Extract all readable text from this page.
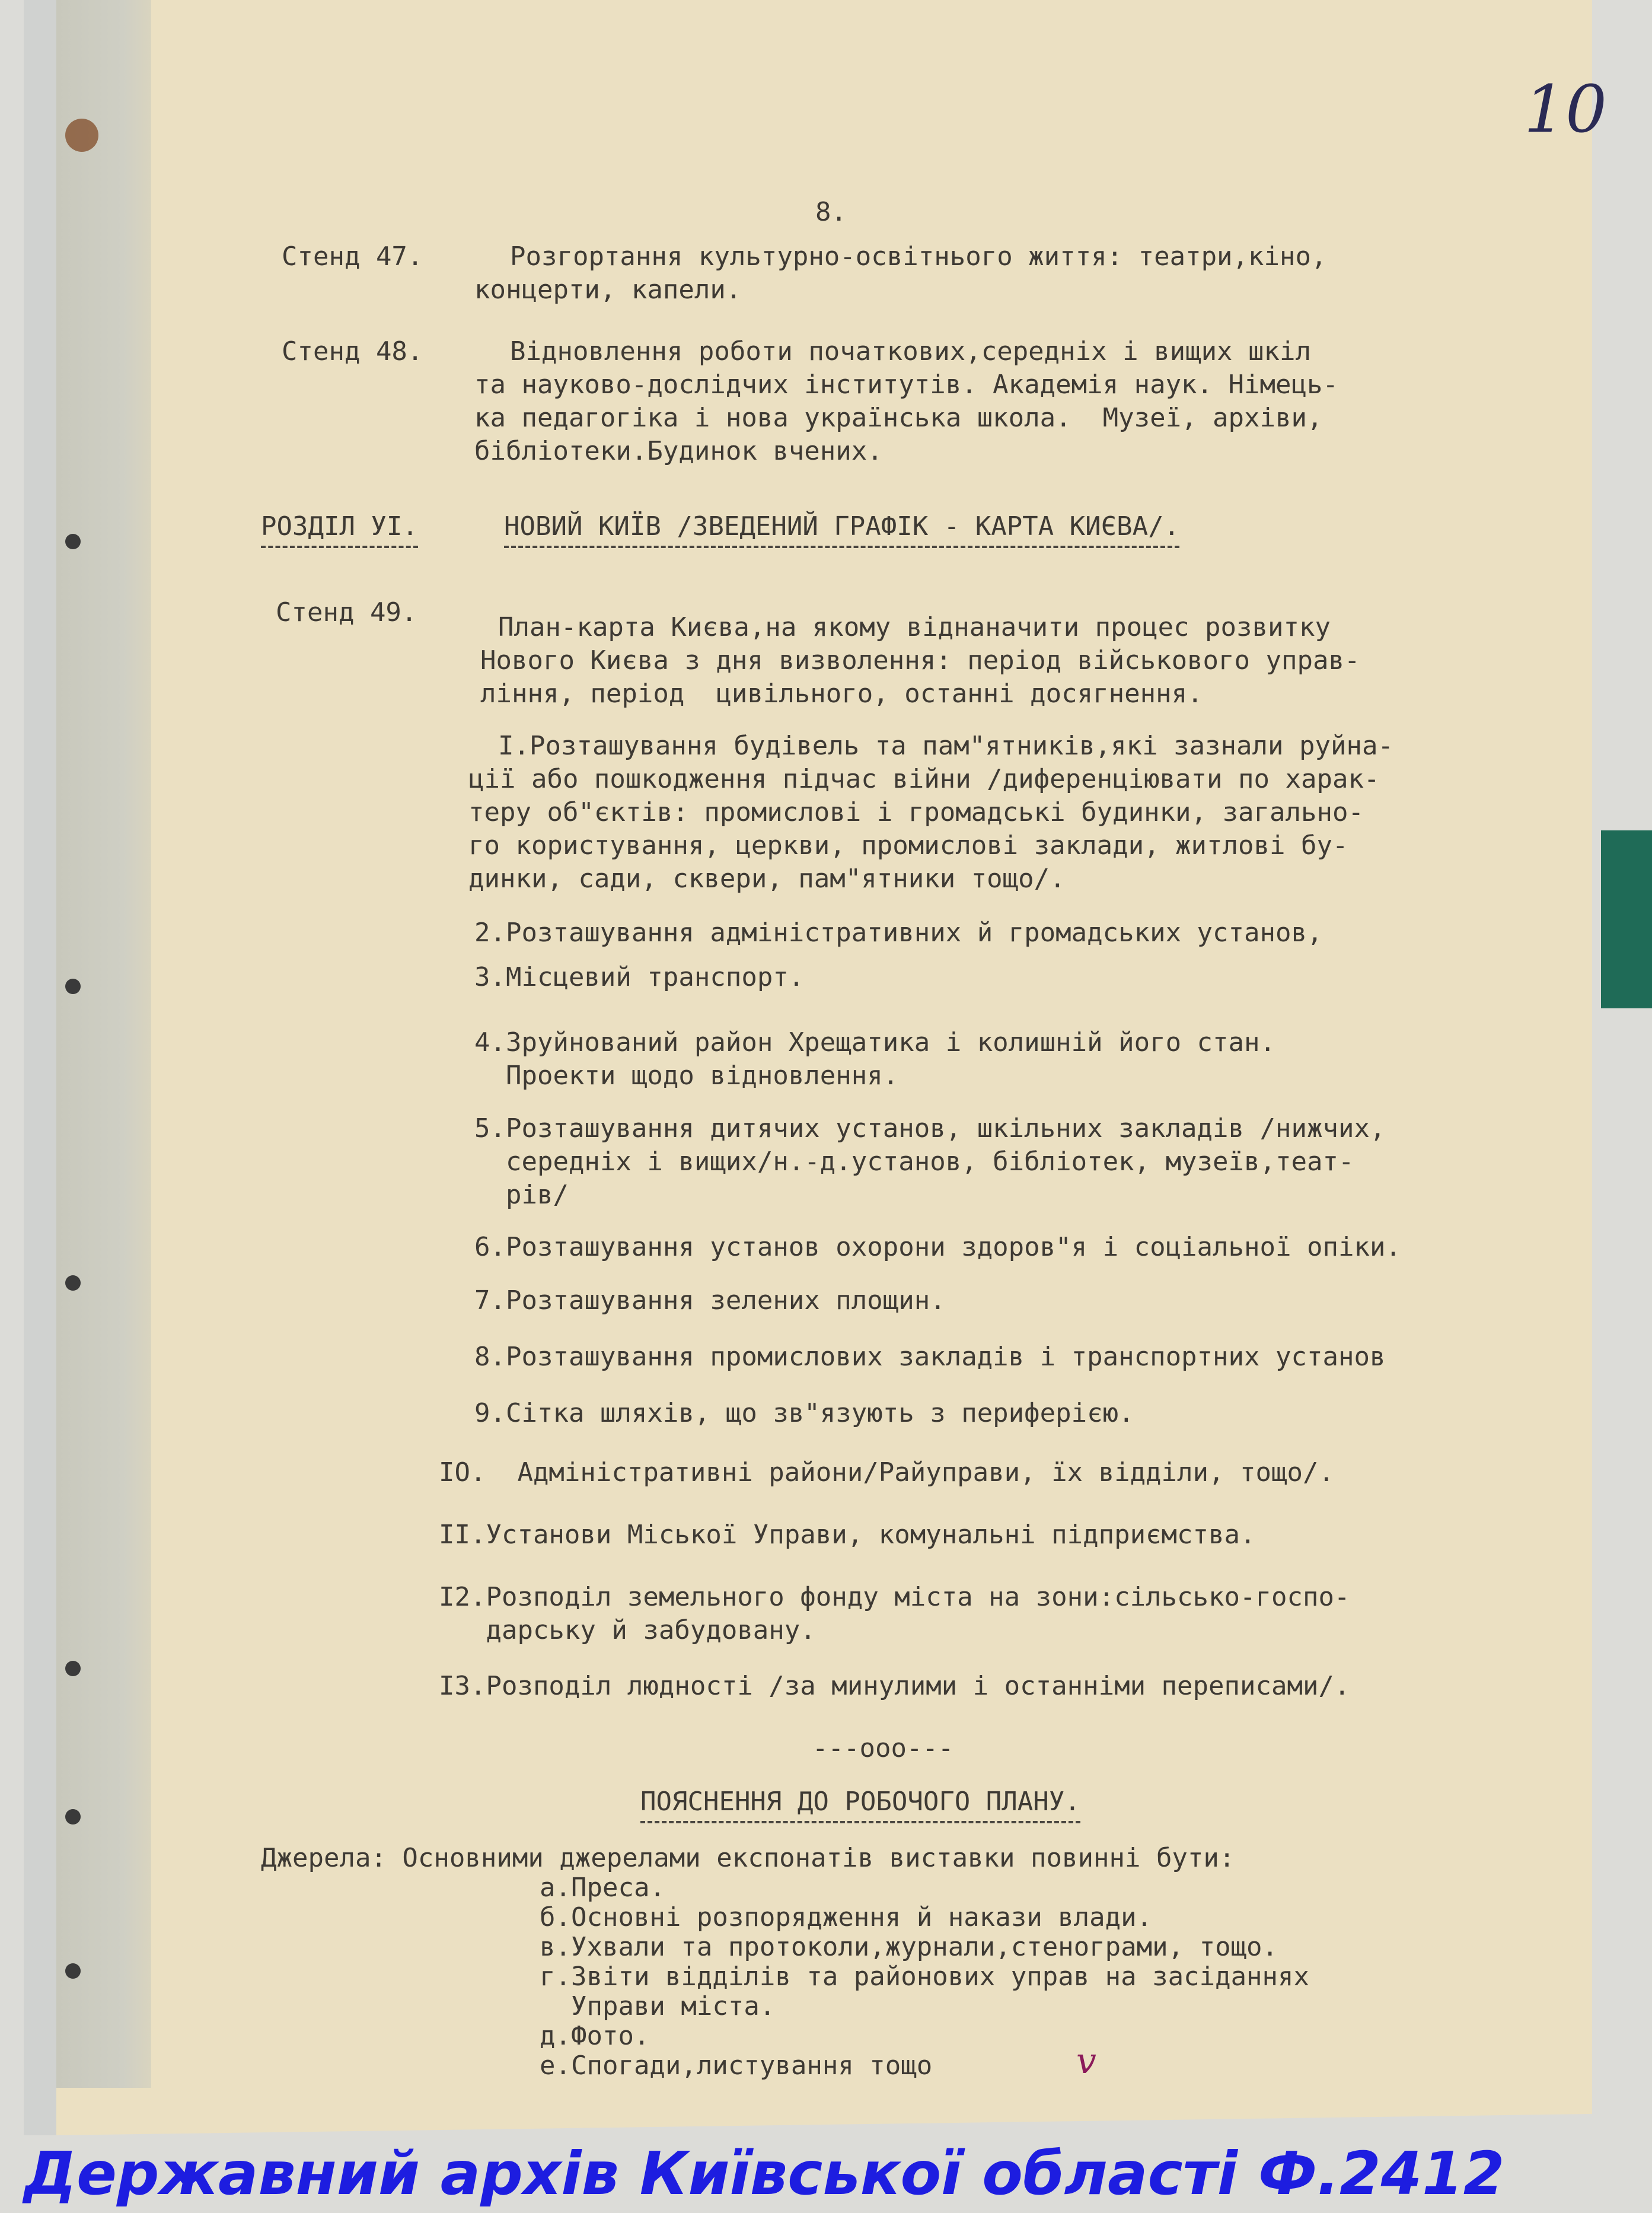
10
8.
Стенд 47.	Розгортання культурно-освітнього життя: театри,кіно,
концерти, капели.
Стенд 48.	Відновлення роботи початкових,середніх і вищих шкіл
та науково-дослідчих інститутів. Академія наук. Німець-
ка педагогіка і нова українська школа.  Музеї, архіви,
бібліотеки.Будинок вчених.
РОЗДІЛ УІ.	НОВИЙ КИЇВ /ЗВЕДЕНИЙ ГРАФІК - КАРТА КИЄВА/.
Стенд 49.	План-карта Києва,на якому віднаначити процес розвитку
Нового Києва з дня визволення: період військового управ-
ління, період  цивільного, останні досягнення.
І.Розташування будівель та пам"ятників,які зазнали руйна-
ції або пошкодження підчас війни /диференціювати по харак-
теру об"єктів: промислові і громадські будинки, загально-
го користування, церкви, промислові заклади, житлові бу-
динки, сади, сквери, пам"ятники тощо/.
2.Розташування адміністративних й громадських установ,
3.Місцевий транспорт.
4.Зруйнований район Хрещатика і колишній його стан.
Проекти щодо відновлення.
5.Розташування дитячих установ, шкільних закладів /нижчих,
середніх і вищих/н.-д.установ, бібліотек, музеїв,теат-
рів/
6.Розташування установ охорони здоров"я і соціальної опіки.
7.Розташування зелених площин.
8.Розташування промислових закладів і транспортних установ
9.Сітка шляхів, що зв"язують з периферією.
ІО.  Адміністративні райони/Райуправи, їх відділи, тощо/.
ІІ.Установи Міської Управи, комунальні підприємства.
І2.Розподіл земельного фонду міста на зони:сільсько-госпо-
дарську й забудовану.
ІЗ.Розподіл людності /за минулими і останніми переписами/.
---ооо---
ПОЯСНЕННЯ ДО РОБОЧОГО ПЛАНУ.
Джерела: Основними джерелами експонатів виставки повинні бути:
а.Преса.
б.Основні розпорядження й накази влади.
в.Ухвали та протоколи,журнали,стенограми, тощо.
г.Звіти відділів та районових управ на засіданнях
Управи міста.
д.Фото.
е.Спогади,листування тощо	v
Державний архів Київської області Ф.2412
